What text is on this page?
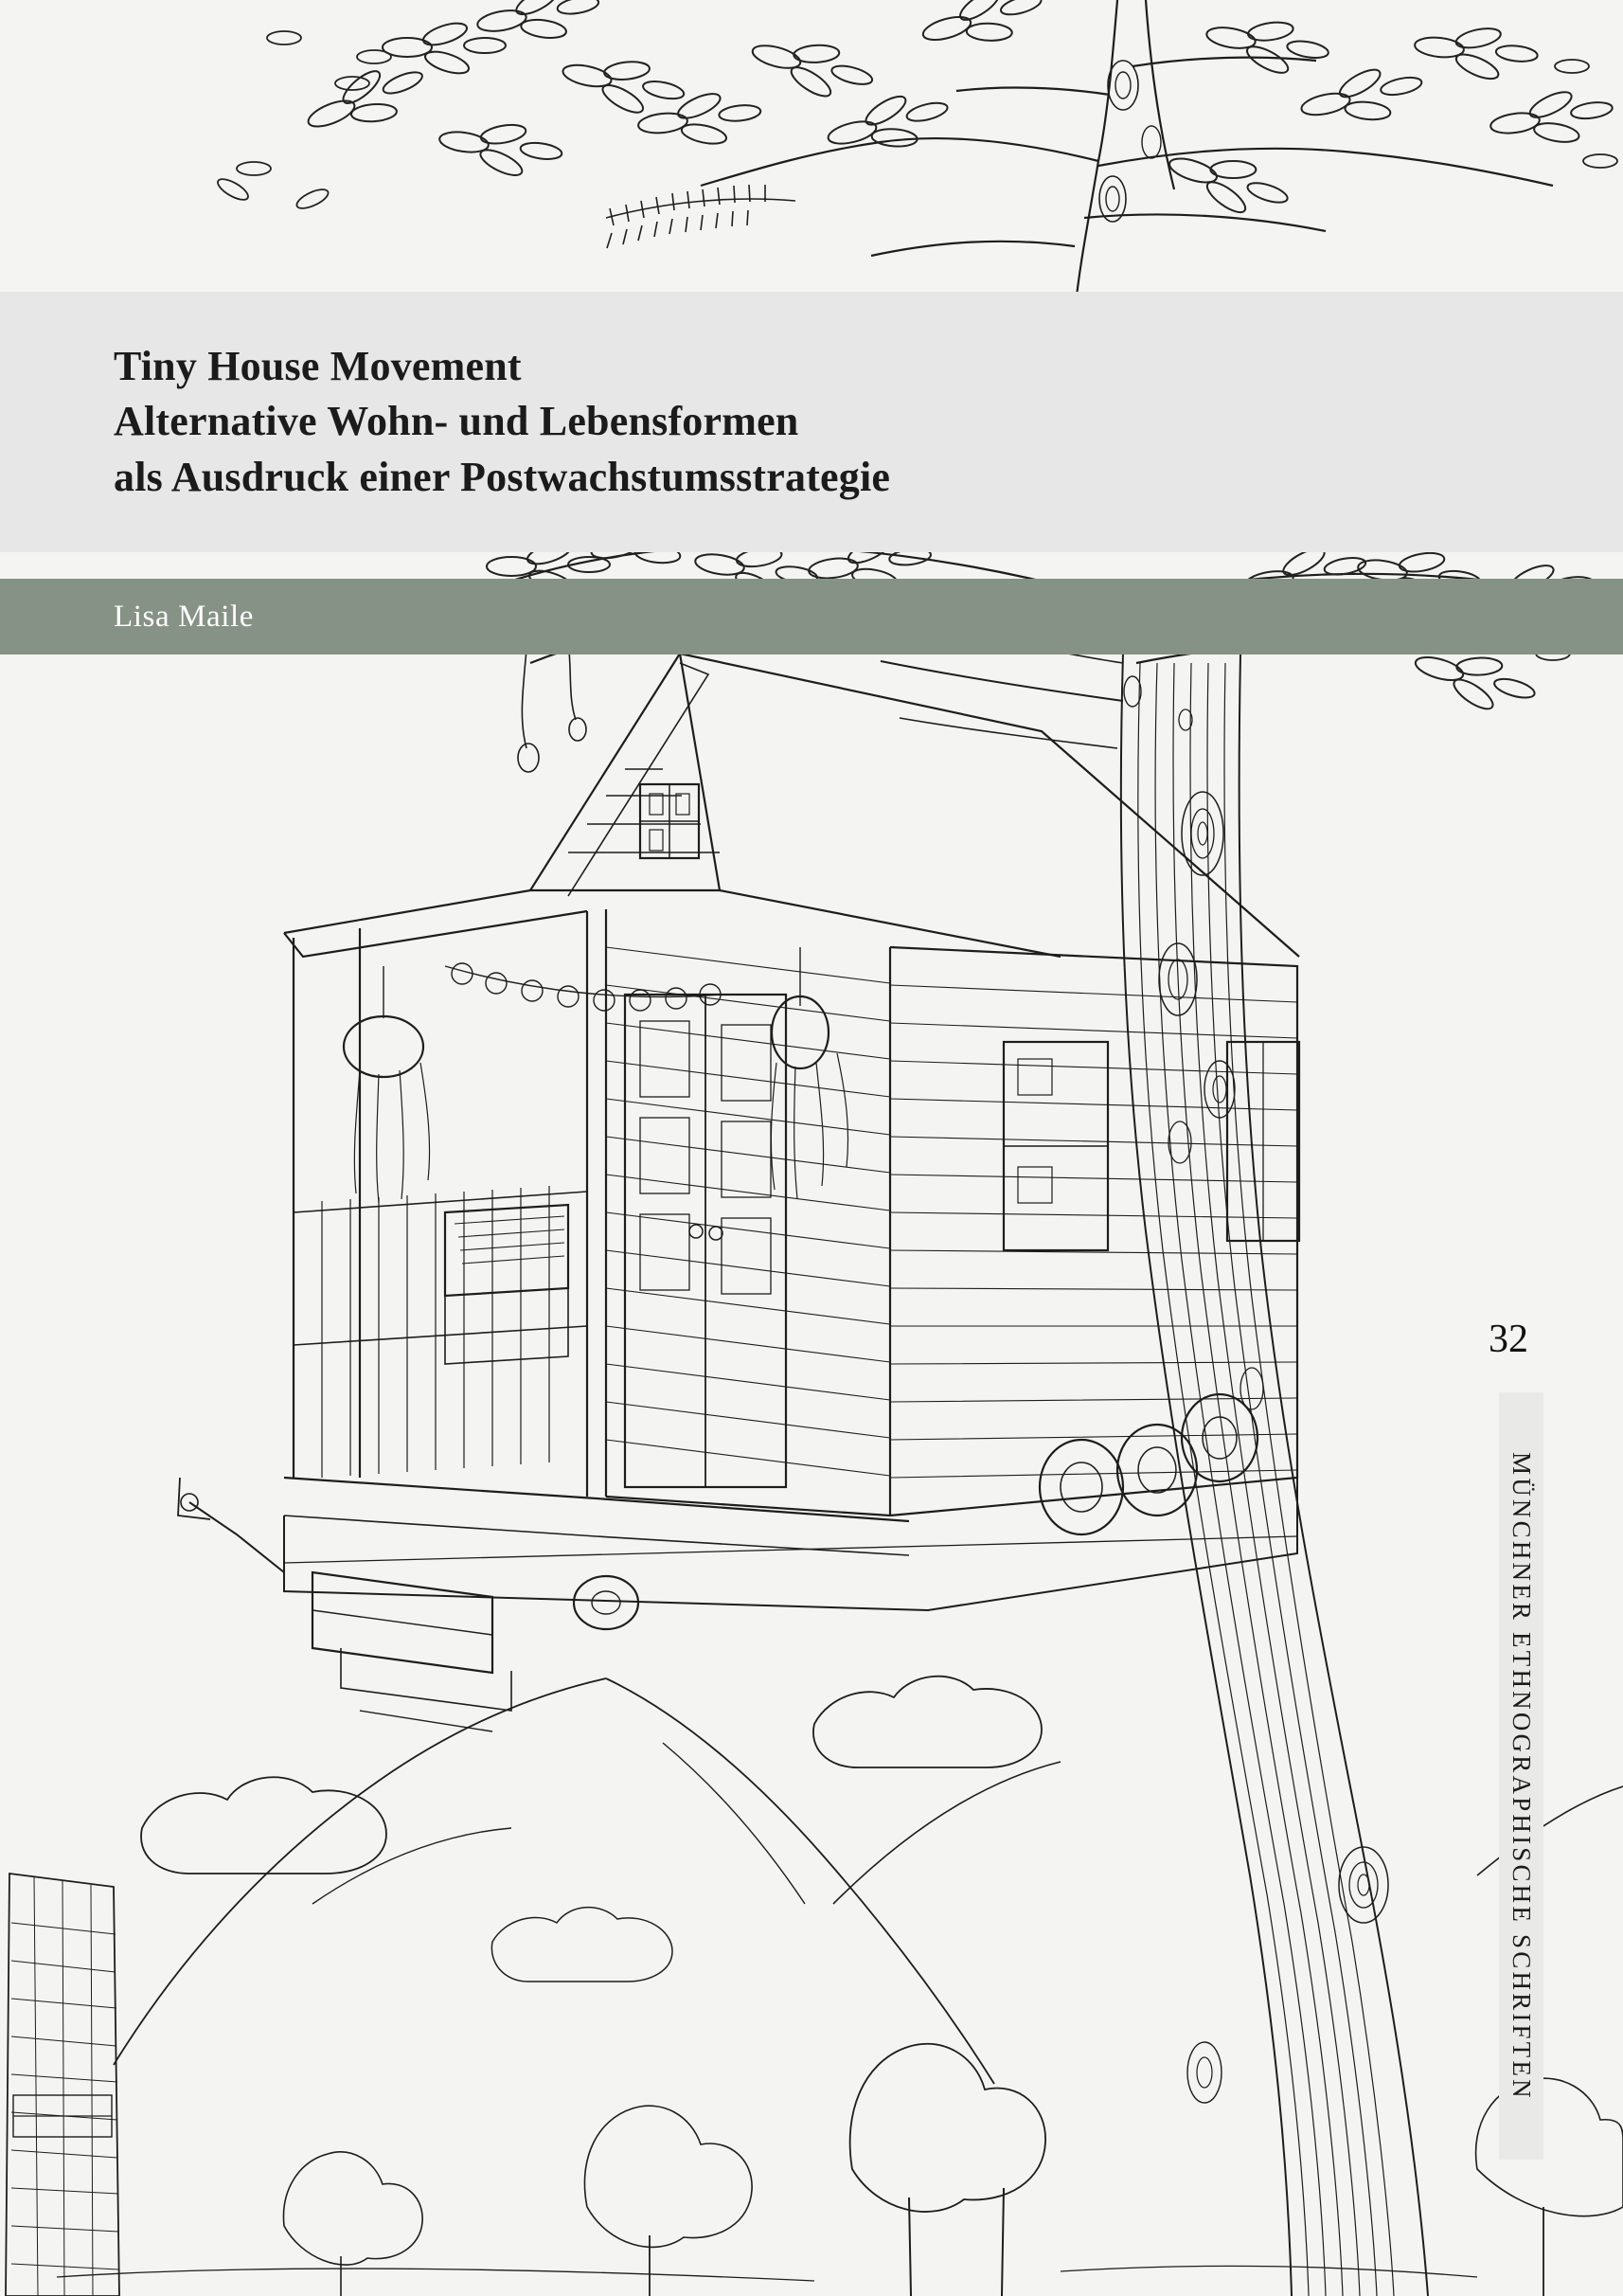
Tiny House Movement
Alternative Wohn- und Lebensformen
als Ausdruck einer Postwachstumsstrategie
Lisa Maile
32
MÜNCHNER ETHNOGRAPHISCHE SCHRIFTEN
